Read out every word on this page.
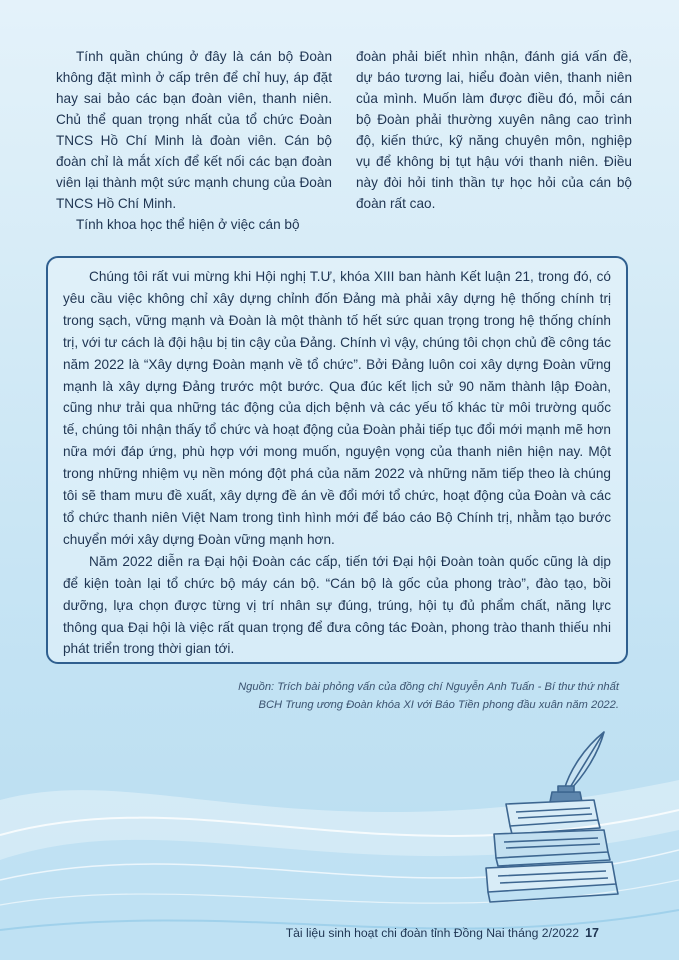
Tính quần chúng ở đây là cán bộ Đoàn không đặt mình ở cấp trên để chỉ huy, áp đặt hay sai bảo các bạn đoàn viên, thanh niên. Chủ thể quan trọng nhất của tổ chức Đoàn TNCS Hồ Chí Minh là đoàn viên. Cán bộ đoàn chỉ là mắt xích để kết nối các bạn đoàn viên lại thành một sức mạnh chung của Đoàn TNCS Hồ Chí Minh.

Tính khoa học thể hiện ở việc cán bộ

đoàn phải biết nhìn nhận, đánh giá vấn đề, dự báo tương lai, hiểu đoàn viên, thanh niên của mình. Muốn làm được điều đó, mỗi cán bộ Đoàn phải thường xuyên nâng cao trình độ, kiến thức, kỹ năng chuyên môn, nghiệp vụ để không bị tụt hậu với thanh niên. Điều này đòi hỏi tinh thần tự học hỏi của cán bộ đoàn rất cao.

Chúng tôi rất vui mừng khi Hội nghị T.Ư, khóa XIII ban hành Kết luận 21, trong đó, có yêu cầu việc không chỉ xây dựng chỉnh đốn Đảng mà phải xây dựng hệ thống chính trị trong sạch, vững mạnh và Đoàn là một thành tố hết sức quan trọng trong hệ thống chính trị, với tư cách là đội hậu bị tin cậy của Đảng. Chính vì vậy, chúng tôi chọn chủ đề công tác năm 2022 là “Xây dựng Đoàn mạnh về tổ chức”. Bởi Đảng luôn coi xây dựng Đoàn vững mạnh là xây dựng Đảng trước một bước. Qua đúc kết lịch sử 90 năm thành lập Đoàn, cũng như trải qua những tác động của dịch bệnh và các yếu tố khác từ môi trường quốc tế, chúng tôi nhận thấy tổ chức và hoạt động của Đoàn phải tiếp tục đổi mới mạnh mẽ hơn nữa mới đáp ứng, phù hợp với mong muốn, nguyện vọng của thanh niên hiện nay. Một trong những nhiệm vụ nền móng đột phá của năm 2022 và những năm tiếp theo là chúng tôi sẽ tham mưu đề xuất, xây dựng đề án về đổi mới tổ chức, hoạt động của Đoàn và các tổ chức thanh niên Việt Nam trong tình hình mới để báo cáo Bộ Chính trị, nhằm tạo bước chuyển mới xây dựng Đoàn vững mạnh hơn.

Năm 2022 diễn ra Đại hội Đoàn các cấp, tiến tới Đại hội Đoàn toàn quốc cũng là dịp để kiện toàn lại tổ chức bộ máy cán bộ. “Cán bộ là gốc của phong trào”, đào tạo, bồi dưỡng, lựa chọn được từng vị trí nhân sự đúng, trúng, hội tụ đủ phẩm chất, năng lực thông qua Đại hội là việc rất quan trọng để đưa công tác Đoàn, phong trào thanh thiếu nhi phát triển trong thời gian tới.

Nguồn: Trích bài phỏng vấn của đồng chí Nguyễn Anh Tuấn - Bí thư thứ nhất
BCH Trung ương Đoàn khóa XI với Báo Tiền phong đầu xuân năm 2022.
Tài liệu sinh hoạt chi đoàn tỉnh Đồng Nai tháng 2/2022 17
